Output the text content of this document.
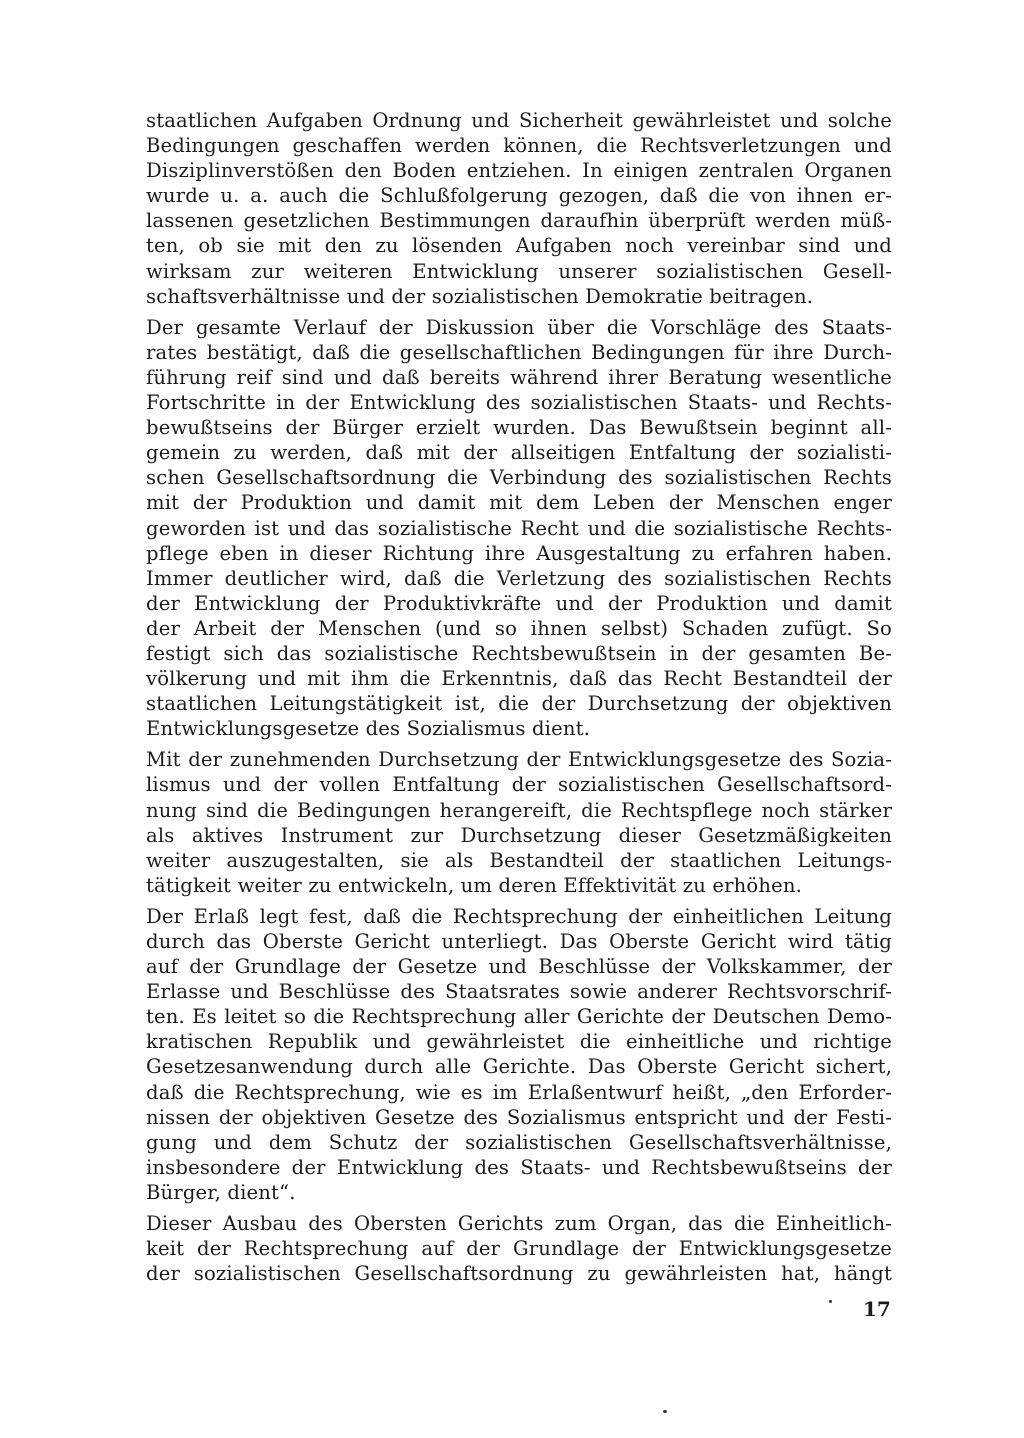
staatlichen Aufgaben Ordnung und Sicherheit gewährleistet und solche
Bedingungen geschaffen werden können, die Rechtsverletzungen und
Disziplinverstößen den Boden entziehen. In einigen zentralen Organen
wurde u. a. auch die Schlußfolgerung gezogen, daß die von ihnen er-
lassenen gesetzlichen Bestimmungen daraufhin überprüft werden müß-
ten, ob sie mit den zu lösenden Aufgaben noch vereinbar sind und
wirksam zur weiteren Entwicklung unserer sozialistischen Gesell-
schaftsverhältnisse und der sozialistischen Demokratie beitragen.
Der gesamte Verlauf der Diskussion über die Vorschläge des Staats-
rates bestätigt, daß die gesellschaftlichen Bedingungen für ihre Durch-
führung reif sind und daß bereits während ihrer Beratung wesentliche
Fortschritte in der Entwicklung des sozialistischen Staats- und Rechts-
bewußtseins der Bürger erzielt wurden. Das Bewußtsein beginnt all-
gemein zu werden, daß mit der allseitigen Entfaltung der sozialisti-
schen Gesellschaftsordnung die Verbindung des sozialistischen Rechts
mit der Produktion und damit mit dem Leben der Menschen enger
geworden ist und das sozialistische Recht und die sozialistische Rechts-
pflege eben in dieser Richtung ihre Ausgestaltung zu erfahren haben.
Immer deutlicher wird, daß die Verletzung des sozialistischen Rechts
der Entwicklung der Produktivkräfte und der Produktion und damit
der Arbeit der Menschen (und so ihnen selbst) Schaden zufügt. So
festigt sich das sozialistische Rechtsbewußtsein in der gesamten Be-
völkerung und mit ihm die Erkenntnis, daß das Recht Bestandteil der
staatlichen Leitungstätigkeit ist, die der Durchsetzung der objektiven
Entwicklungsgesetze des Sozialismus dient.
Mit der zunehmenden Durchsetzung der Entwicklungsgesetze des Sozia-
lismus und der vollen Entfaltung der sozialistischen Gesellschaftsord-
nung sind die Bedingungen herangereift, die Rechtspflege noch stärker
als aktives Instrument zur Durchsetzung dieser Gesetzmäßigkeiten
weiter auszugestalten, sie als Bestandteil der staatlichen Leitungs-
tätigkeit weiter zu entwickeln, um deren Effektivität zu erhöhen.
Der Erlaß legt fest, daß die Rechtsprechung der einheitlichen Leitung
durch das Oberste Gericht unterliegt. Das Oberste Gericht wird tätig
auf der Grundlage der Gesetze und Beschlüsse der Volkskammer, der
Erlasse und Beschlüsse des Staatsrates sowie anderer Rechtsvorschrif-
ten. Es leitet so die Rechtsprechung aller Gerichte der Deutschen Demo-
kratischen Republik und gewährleistet die einheitliche und richtige
Gesetzesanwendung durch alle Gerichte. Das Oberste Gericht sichert,
daß die Rechtsprechung, wie es im Erlaßentwurf heißt, „den Erforder-
nissen der objektiven Gesetze des Sozialismus entspricht und der Festi-
gung und dem Schutz der sozialistischen Gesellschaftsverhältnisse,
insbesondere der Entwicklung des Staats- und Rechtsbewußtseins der
Bürger, dient“.
Dieser Ausbau des Obersten Gerichts zum Organ, das die Einheitlich-
keit der Rechtsprechung auf der Grundlage der Entwicklungsgesetze
der sozialistischen Gesellschaftsordnung zu gewährleisten hat, hängt
17
